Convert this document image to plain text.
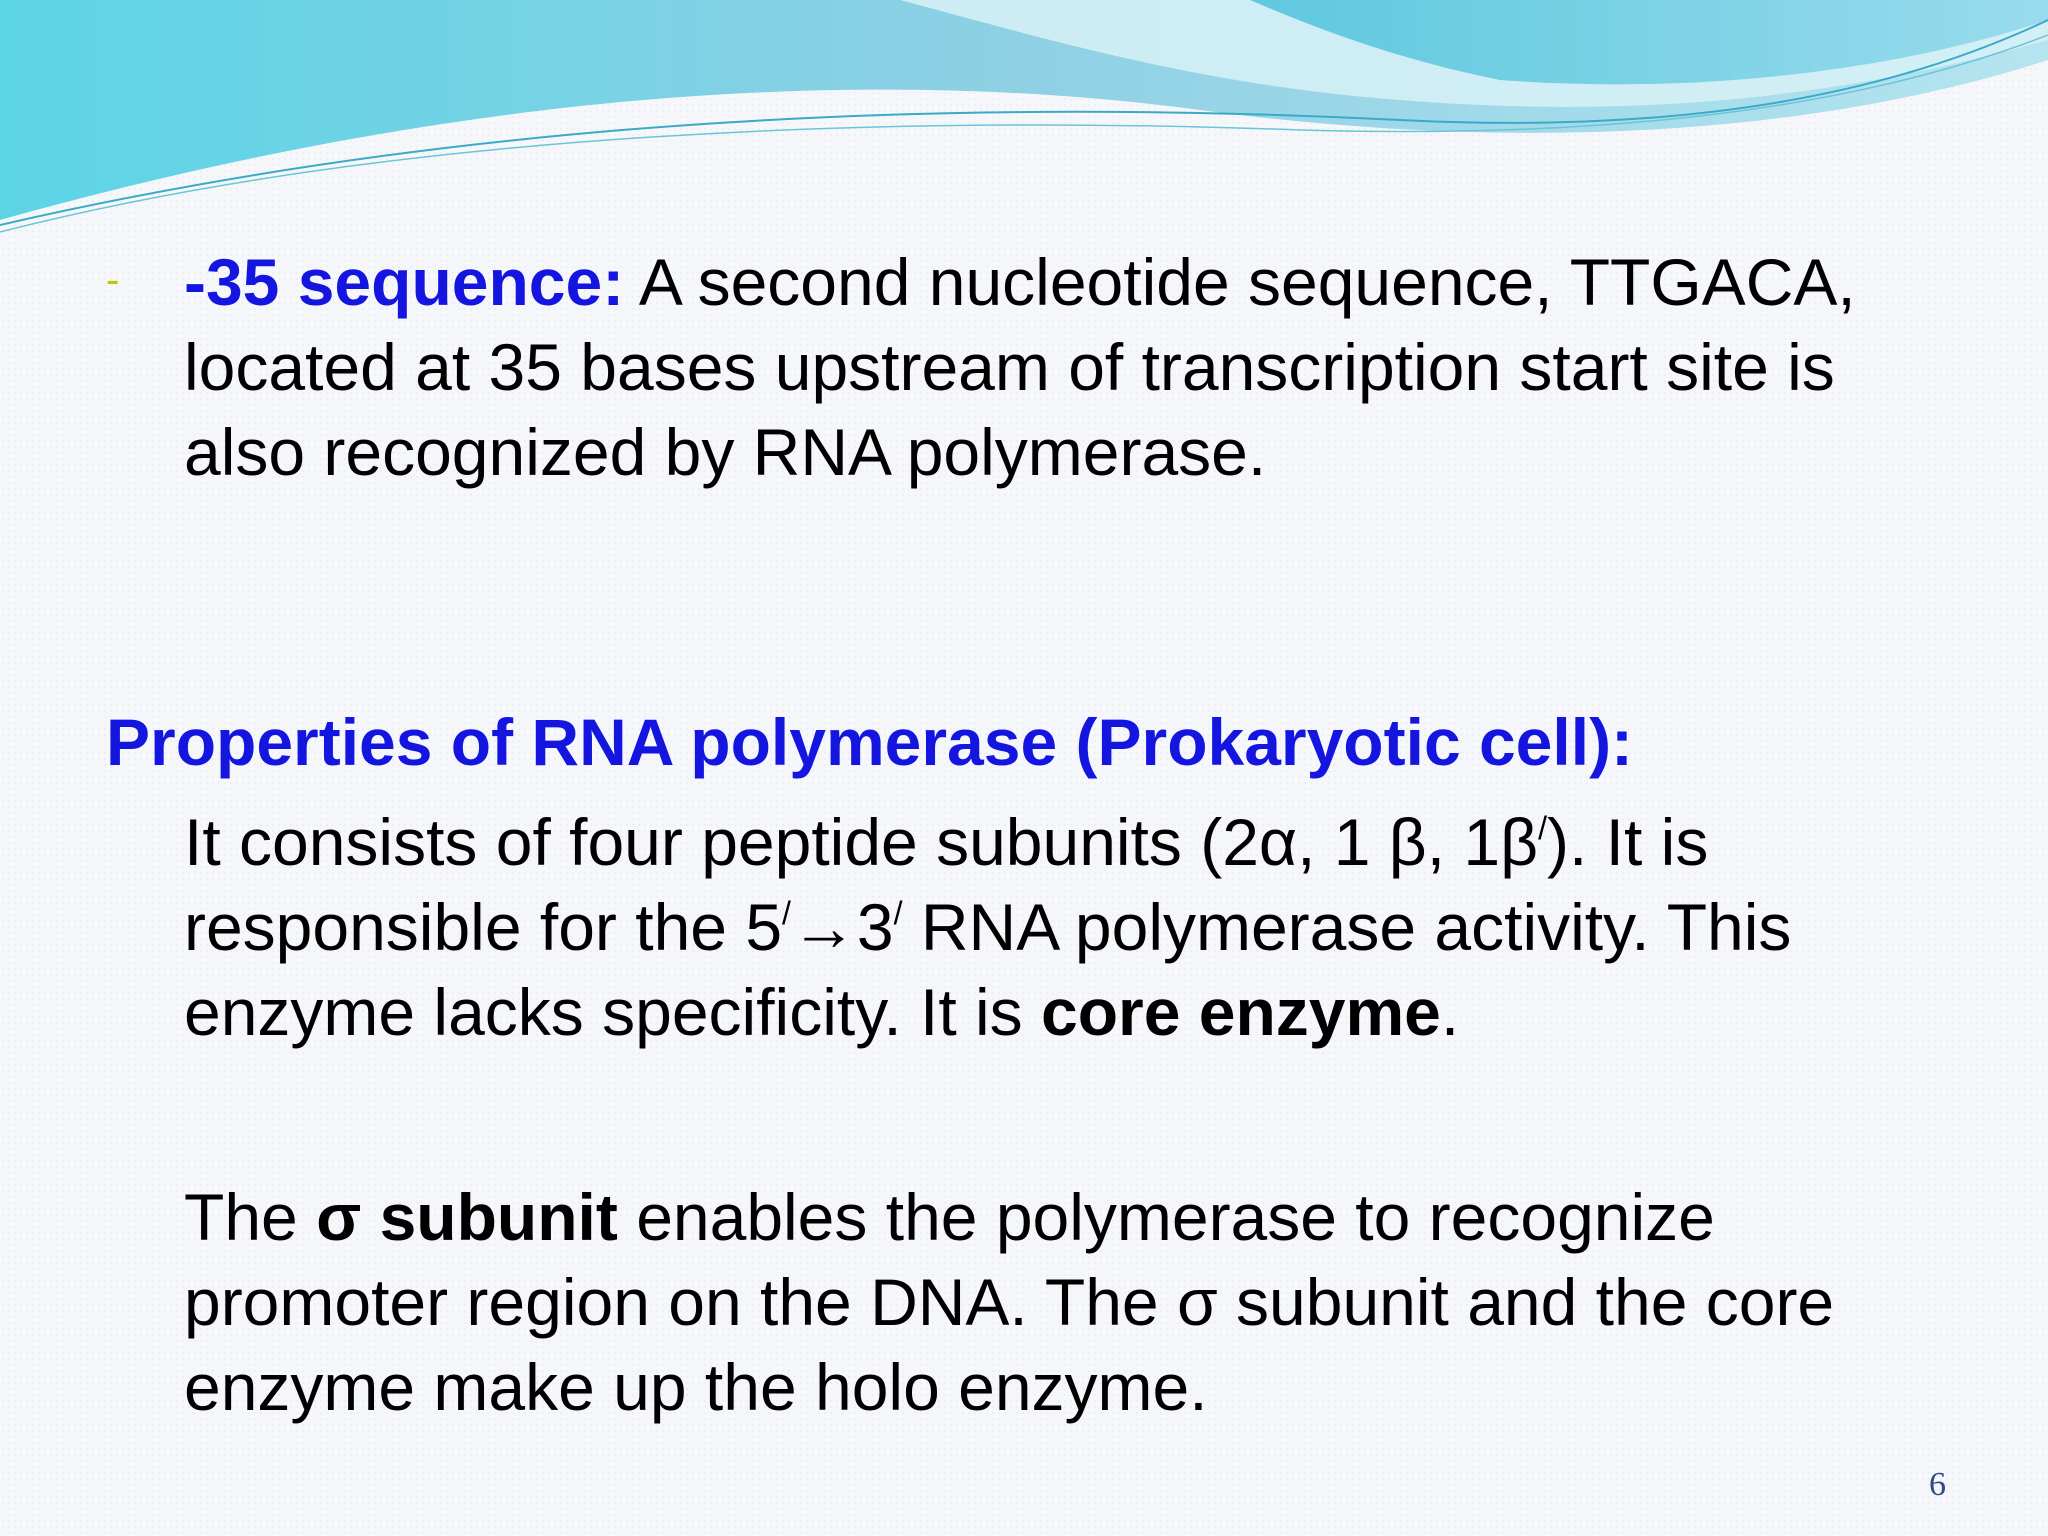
- -35 sequence: A second nucleotide sequence, TTGACA, located at 35 bases upstream of transcription start site is also recognized by RNA polymerase.

Properties of RNA polymerase (Prokaryotic cell):

It consists of four peptide subunits (2α, 1 β, 1β/). It is responsible for the 5/→3/ RNA polymerase activity. This enzyme lacks specificity. It is core enzyme.

The σ subunit enables the polymerase to recognize promoter region on the DNA. The σ subunit and the core enzyme make up the holo enzyme.

6
